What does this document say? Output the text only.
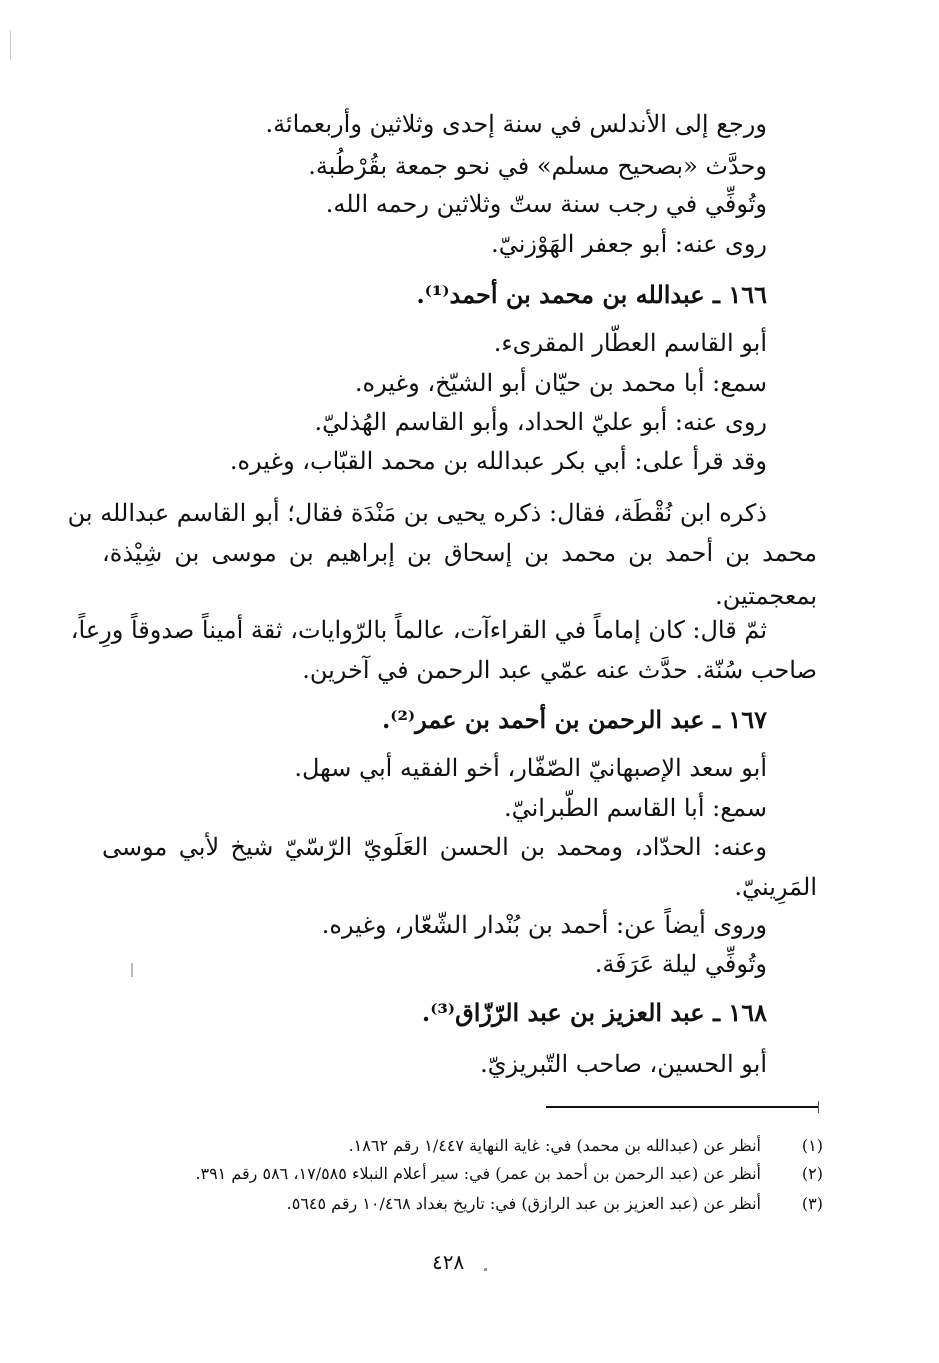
ورجع إلى الأندلس في سنة إحدى وثلاثين وأربعمائة.
وحدَّث «بصحيح مسلم» في نحو جمعة بقُرْطُبة.
وتُوفِّي في رجب سنة ستّ وثلاثين رحمه الله.
روى عنه: أبو جعفر الهَوْزنيّ.
١٦٦ ـ عبدالله بن محمد بن أحمد⁽¹⁾.
أبو القاسم العطّار المقرىء.
سمع: أبا محمد بن حيّان أبو الشيّخ، وغيره.
روى عنه: أبو عليّ الحداد، وأبو القاسم الهُذليّ.
وقد قرأ على: أبي بكر عبدالله بن محمد القبّاب، وغيره.
ذكره ابن نُقْطَة، فقال: ذكره يحيى بن مَنْدَة فقال؛ أبو القاسم عبدالله بن
محمد بن أحمد بن محمد بن إسحاق بن إبراهيم بن موسى بن شِيْذة،
بمعجمتين.
ثمّ قال: كان إماماً في القراءآت، عالماً بالرّوايات، ثقة أميناً صدوقاً ورِعاً،
صاحب سُنّة. حدَّث عنه عمّي عبد الرحمن في آخرين.
١٦٧ ـ عبد الرحمن بن أحمد بن عمر⁽²⁾.
أبو سعد الإصبهانيّ الصّفّار، أخو الفقيه أبي سهل.
سمع: أبا القاسم الطّبرانيّ.
وعنه: الحدّاد، ومحمد بن الحسن العَلَويّ الرّسّيّ شيخ لأبي موسى
المَرِينيّ.
وروى أيضاً عن: أحمد بن بُنْدار الشّعّار، وغيره.
وتُوفِّي ليلة عَرَفَة.
١٦٨ ـ عبد العزيز بن عبد الرّزّاق⁽³⁾.
أبو الحسين، صاحب التّبريزيّ.
(١)
أنظر عن (عبدالله بن محمد) في: غاية النهاية ١/٤٤٧ رقم ١٨٦٢.
(٢)
أنظر عن (عبد الرحمن بن أحمد بن عمر) في: سير أعلام النبلاء ١٧/٥٨٥، ٥٨٦ رقم ٣٩١.
(٣)
أنظر عن (عبد العزيز بن عبد الرازق) في: تاريخ بغداد ١٠/٤٦٨ رقم ٥٦٤٥.
٤٢٨
